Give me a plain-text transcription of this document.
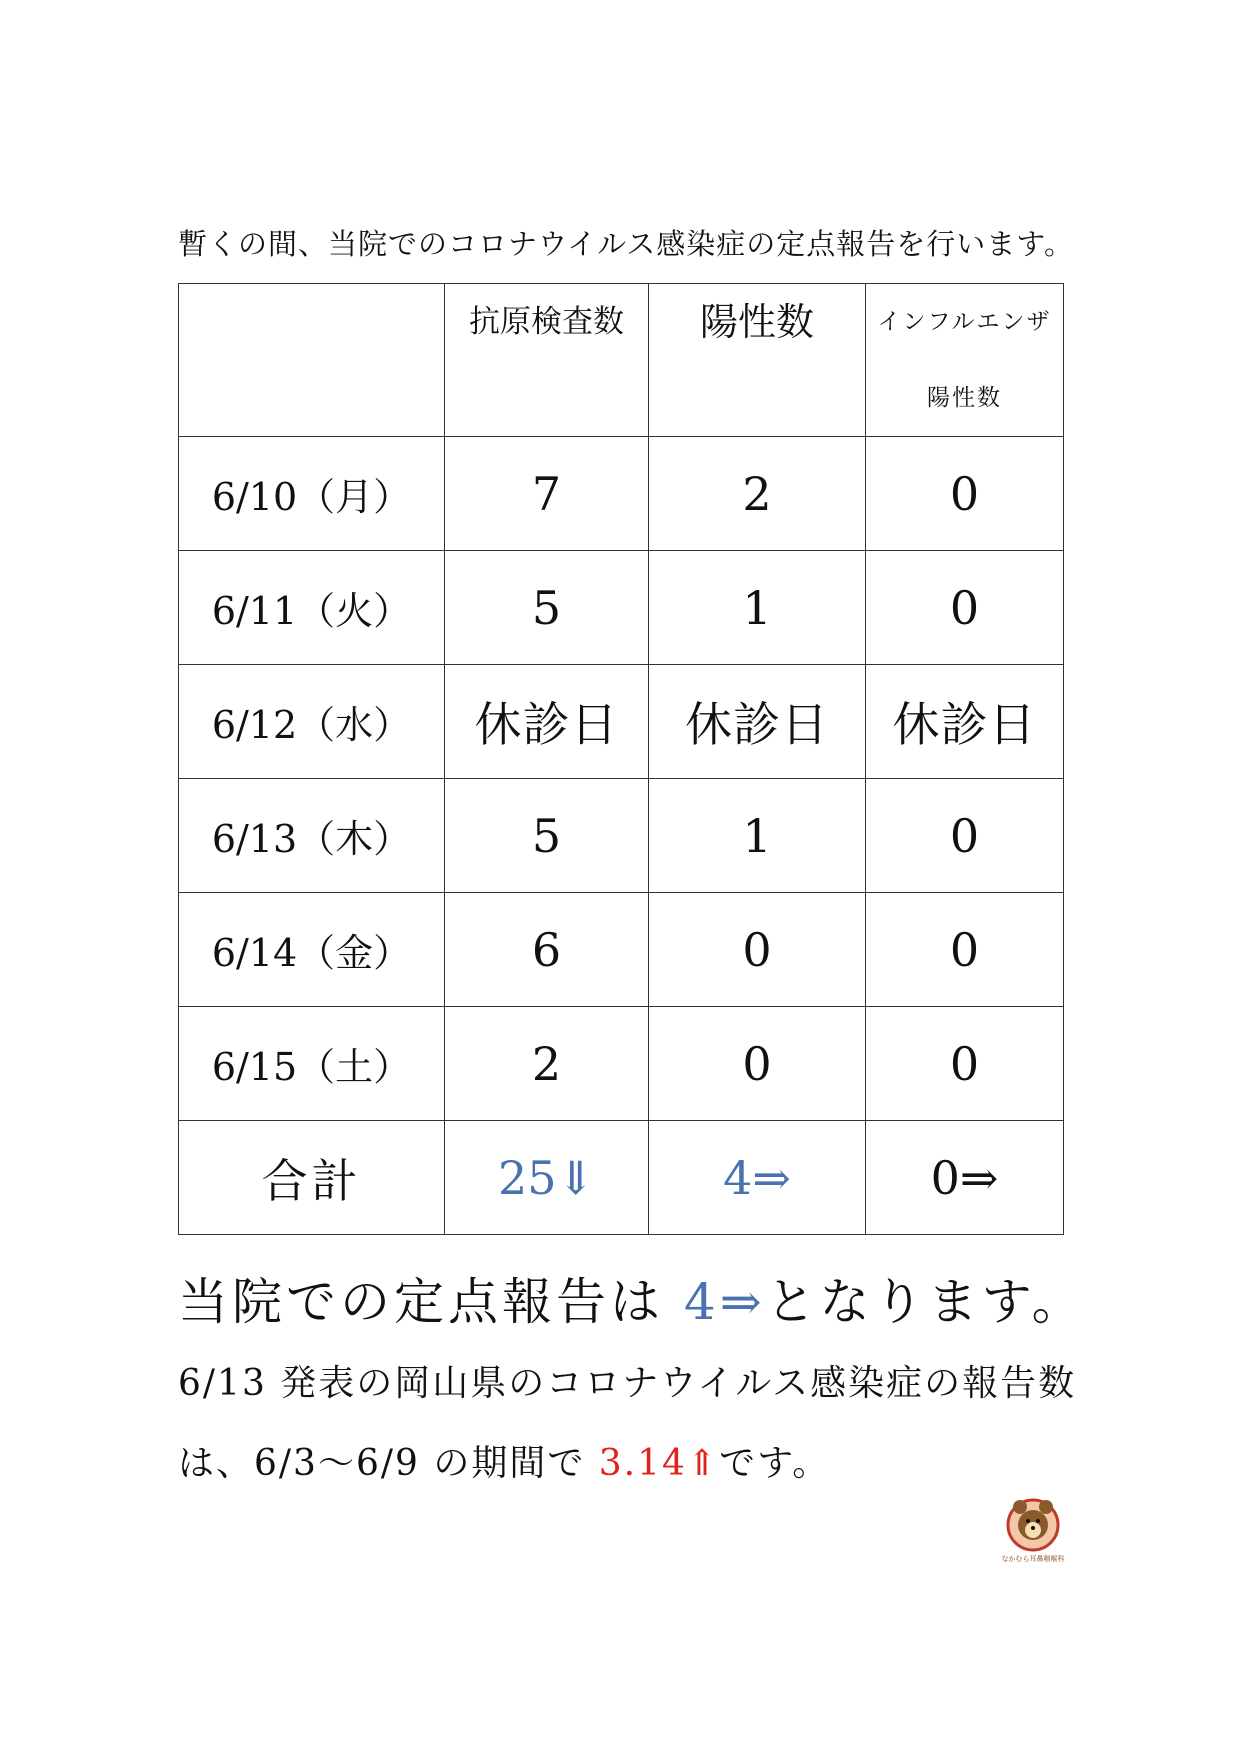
暫くの間、当院でのコロナウイルス感染症の定点報告を行います。
	抗原検査数	陽性数	インフルエンザ
陽性数

6/10（月）	7	2	0
6/11（火）	5	1	0
6/12（水）	休診日	休診日	休診日
6/13（木）	5	1	0
6/14（金）	6	0	0
6/15（土）	2	0	0
合計	25⇓	4⇒	0⇒
当院での定点報告は 4⇒となります。
6/13 発表の岡山県のコロナウイルス感染症の報告数
は、6/3～6/9 の期間で 3.14⇑です。
なかむら耳鼻咽喉科
